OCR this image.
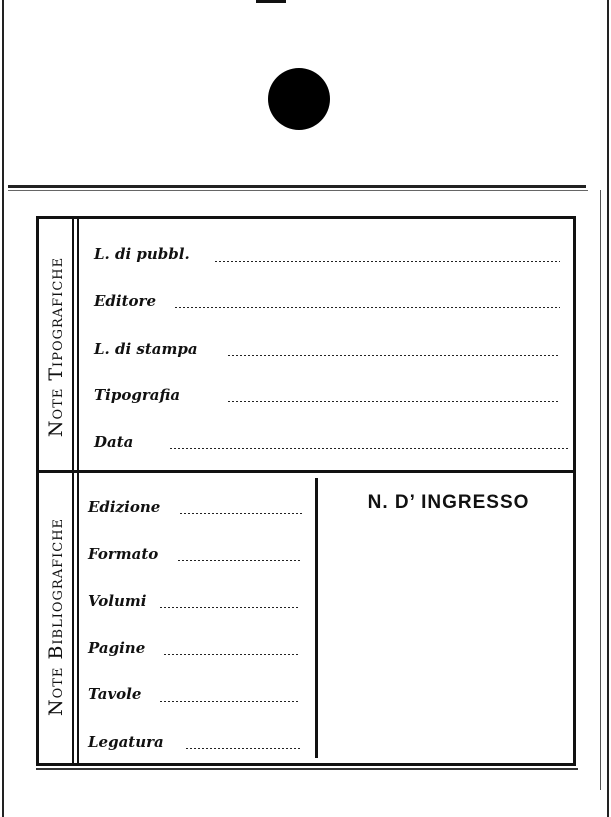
Note Tipografiche
Note Bibliografiche
L. di pubbl.
Editore
L. di stampa
Tipografia
Data
Edizione
Formato
Volumi
Pagine
Tavole
Legatura
N. D’ INGRESSO
